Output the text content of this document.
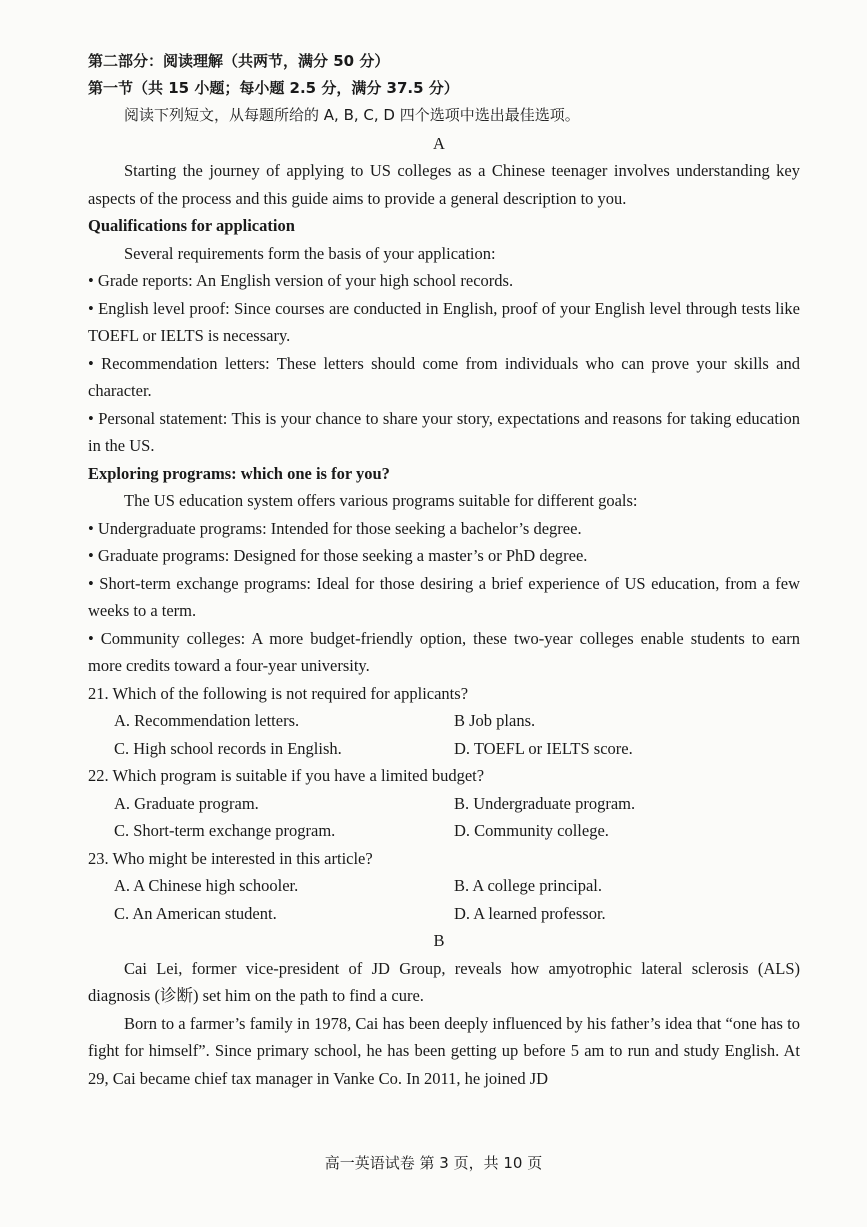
第二部分：阅读理解（共两节，满分 50 分）

第一节（共 15 小题；每小题 2.5 分，满分 37.5 分）

阅读下列短文，从每题所给的 A, B, C, D 四个选项中选出最佳选项。

A

Starting the journey of applying to US colleges as a Chinese teenager involves understanding key aspects of the process and this guide aims to provide a general description to you.

Qualifications for application

Several requirements form the basis of your application:

• Grade reports: An English version of your high school records.

• English level proof: Since courses are conducted in English, proof of your English level through tests like TOEFL or IELTS is necessary.

• Recommendation letters: These letters should come from individuals who can prove your skills and character.

• Personal statement: This is your chance to share your story, expectations and reasons for taking education in the US.

Exploring programs: which one is for you?

The US education system offers various programs suitable for different goals:

• Undergraduate programs: Intended for those seeking a bachelor’s degree.

• Graduate programs: Designed for those seeking a master’s or PhD degree.

• Short-term exchange programs: Ideal for those desiring a brief experience of US education, from a few weeks to a term.

• Community colleges: A more budget-friendly option, these two-year colleges enable students to earn more credits toward a four-year university.

21. Which of the following is not required for applicants?

A. Recommendation letters.	B Job plans.
C. High school records in English.	D. TOEFL or IELTS score.

22. Which program is suitable if you have a limited budget?

A. Graduate program.	B. Undergraduate program.
C. Short-term exchange program.	D. Community college.

23. Who might be interested in this article?

A. A Chinese high schooler.	B. A college principal.
C. An American student.	D. A learned professor.

B

Cai Lei, former vice-president of JD Group, reveals how amyotrophic lateral sclerosis (ALS) diagnosis (诊断) set him on the path to find a cure.

Born to a farmer’s family in 1978, Cai has been deeply influenced by his father’s idea that “one has to fight for himself”. Since primary school, he has been getting up before 5 am to run and study English. At 29, Cai became chief tax manager in Vanke Co. In 2011, he joined JD

高一英语试卷 第 3 页，共 10 页
